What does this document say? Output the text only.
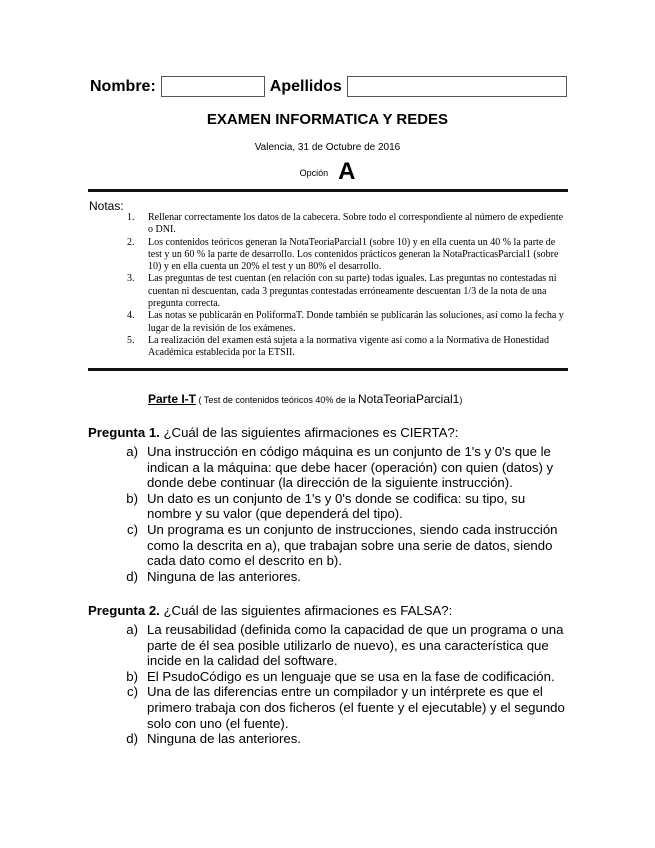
Nombre:	Apellidos
EXAMEN INFORMATICA Y REDES
Valencia, 31 de Octubre de 2016
Opción A
Notas:
1.	Rellenar correctamente los datos de la cabecera. Sobre todo el correspondiente al número de expediente o DNI.
2.	Los contenidos teóricos generan la NotaTeoriaParcial1 (sobre 10) y en ella cuenta un 40 % la parte de test y un 60 % la parte de desarrollo. Los contenidos prácticos generan la NotaPracticasParcial1 (sobre 10) y en ella cuenta un 20% el test y un 80% el desarrollo.
3.	Las preguntas de test cuentan (en relación con su parte) todas iguales. Las preguntas no contestadas ni cuentan ni descuentan, cada 3 preguntas contestadas erróneamente descuentan 1/3 de la nota de una pregunta correcta.
4.	Las notas se publicarán en PoliformaT. Donde también se publicarán las soluciones, así como la fecha y lugar de la revisión de los exámenes.
5.	La realización del examen está sujeta a la normativa vigente así como a la Normativa de Honestidad Académica establecida por la ETSII.
Parte I-T ( Test de contenidos teóricos 40% de la NotaTeoriaParcial1)
Pregunta 1. ¿Cuál de las siguientes afirmaciones es CIERTA?:
a) Una instrucción en código máquina es un conjunto de 1's y 0's que le indican a la máquina: que debe hacer (operación) con quien (datos) y donde debe continuar (la dirección de la siguiente instrucción).
b) Un dato es un conjunto de 1's y 0's donde se codifica: su tipo, su nombre y su valor (que dependerá del tipo).
c) Un programa es un conjunto de instrucciones, siendo cada instrucción como la descrita en a), que trabajan sobre una serie de datos, siendo cada dato como el descrito en b).
d) Ninguna de las anteriores.
Pregunta 2. ¿Cuál de las siguientes afirmaciones es FALSA?:
a) La reusabilidad (definida como la capacidad de que un programa o una parte de él sea posible utilizarlo de nuevo), es una característica que incide en la calidad del software.
b) El PsudoCódigo es un lenguaje que se usa en la fase de codificación.
c) Una de las diferencias entre un compilador y un intérprete es que el primero trabaja con dos ficheros (el fuente y el ejecutable) y el segundo solo con uno (el fuente).
d) Ninguna de las anteriores.
